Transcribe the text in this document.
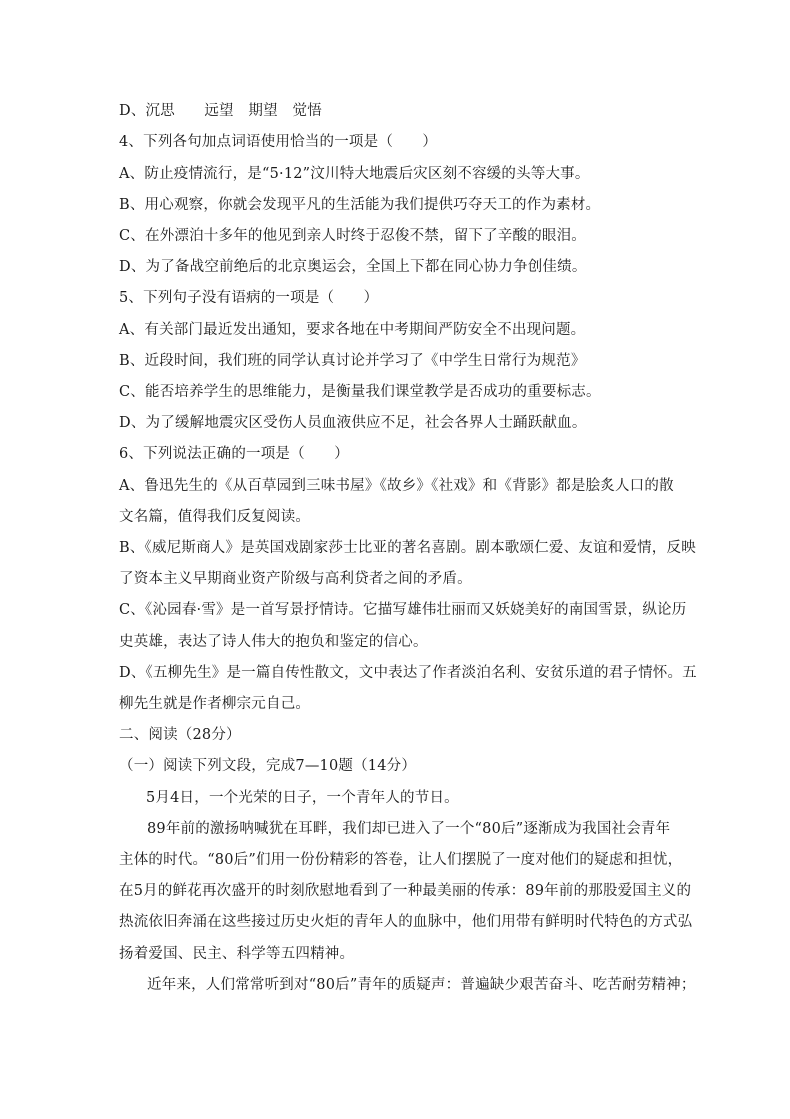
D、沉思　　远望　期望　觉悟
4、下列各句加点词语使用恰当的一项是（　　）
A、防止疫情流行，是“5·12”汶川特大地震后灾区刻不容缓的头等大事。
B、用心观察，你就会发现平凡的生活能为我们提供巧夺天工的作为素材。
C、在外漂泊十多年的他见到亲人时终于忍俊不禁，留下了辛酸的眼泪。
D、为了备战空前绝后的北京奥运会，全国上下都在同心协力争创佳绩。
5、下列句子没有语病的一项是（　　）
A、有关部门最近发出通知，要求各地在中考期间严防安全不出现问题。
B、近段时间，我们班的同学认真讨论并学习了《中学生日常行为规范》
C、能否培养学生的思维能力，是衡量我们课堂教学是否成功的重要标志。
D、为了缓解地震灾区受伤人员血液供应不足，社会各界人士踊跃献血。
6、下列说法正确的一项是（　　）
A、鲁迅先生的《从百草园到三味书屋》《故乡》《社戏》和《背影》都是脍炙人口的散
文名篇，值得我们反复阅读。
B、《威尼斯商人》是英国戏剧家莎士比亚的著名喜剧。剧本歌颂仁爱、友谊和爱情，反映
了资本主义早期商业资产阶级与高利贷者之间的矛盾。
C、《沁园春·雪》是一首写景抒情诗。它描写雄伟壮丽而又妖娆美好的南国雪景，纵论历
史英雄，表达了诗人伟大的抱负和鉴定的信心。
D、《五柳先生》是一篇自传性散文，文中表达了作者淡泊名利、安贫乐道的君子情怀。五
柳先生就是作者柳宗元自己。
二、阅读（28分）
（一）阅读下列文段，完成7—10题（14分）
5月4日，一个光荣的日子，一个青年人的节日。
89年前的激扬呐喊犹在耳畔，我们却已进入了一个“80后”逐渐成为我国社会青年
主体的时代。“80后”们用一份份精彩的答卷，让人们摆脱了一度对他们的疑虑和担忧，
在5月的鲜花再次盛开的时刻欣慰地看到了一种最美丽的传承：89年前的那股爱国主义的
热流依旧奔涌在这些接过历史火炬的青年人的血脉中，他们用带有鲜明时代特色的方式弘
扬着爱国、民主、科学等五四精神。
近年来，人们常常听到对“80后”青年的质疑声：普遍缺少艰苦奋斗、吃苦耐劳精神；
